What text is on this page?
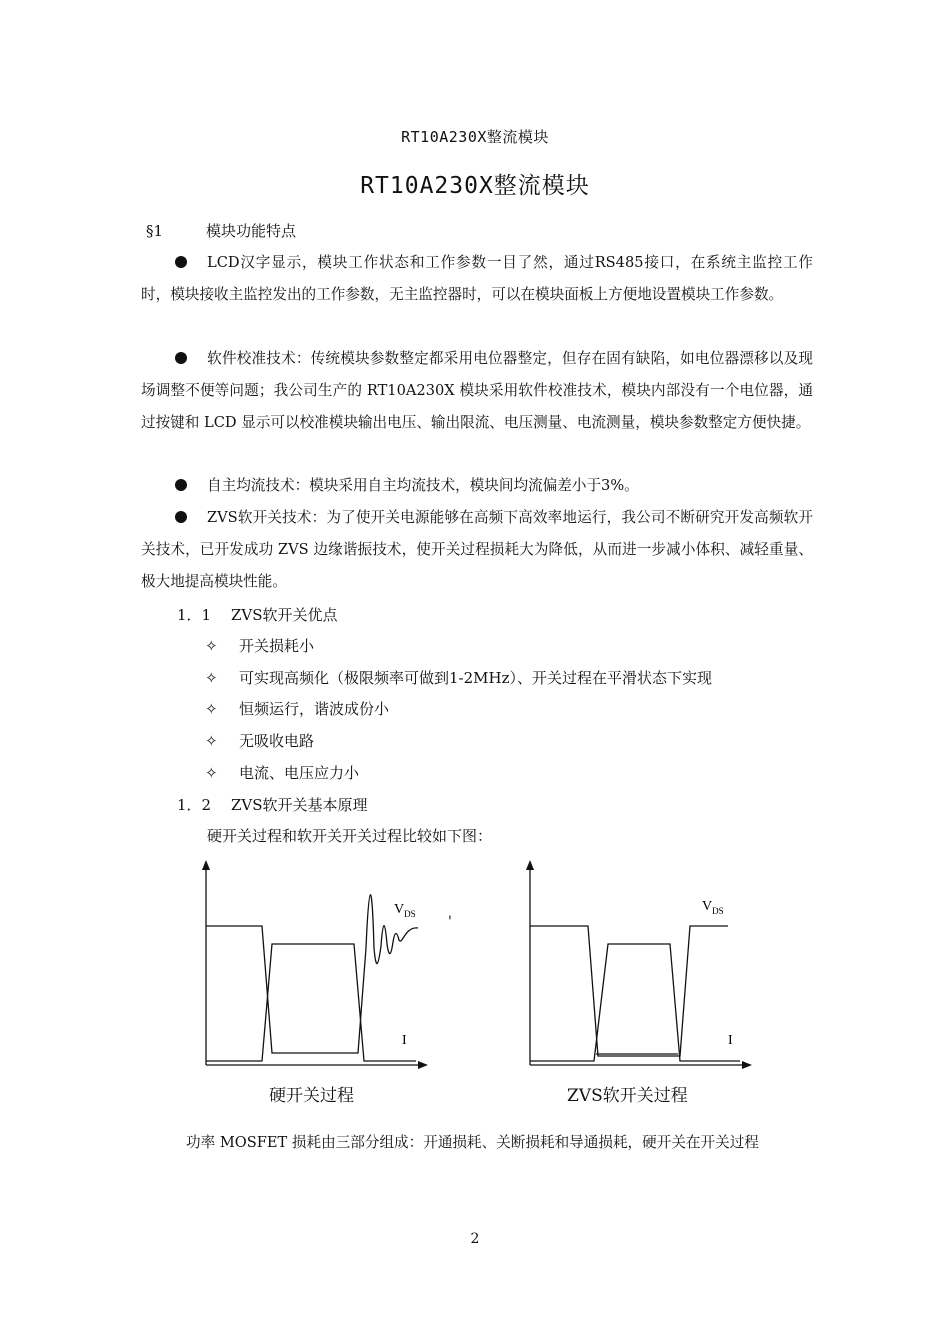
RT10A230X整流模块
RT10A230X整流模块
§1	模块功能特点
LCD汉字显示，模块工作状态和工作参数一目了然，通过RS485接口，在系统主监控工作时，模块接收主监控发出的工作参数，无主监控器时，可以在模块面板上方便地设置模块工作参数。
软件校准技术：传统模块参数整定都采用电位器整定，但存在固有缺陷，如电位器漂移以及现场调整不便等问题；我公司生产的 RT10A230X 模块采用软件校准技术，模块内部没有一个电位器，通过按键和 LCD 显示可以校准模块输出电压、输出限流、电压测量、电流测量，模块参数整定方便快捷。
自主均流技术：模块采用自主均流技术，模块间均流偏差小于3%。
ZVS软开关技术：为了使开关电源能够在高频下高效率地运行，我公司不断研究开发高频软开关技术，已开发成功 ZVS 边缘谐振技术，使开关过程损耗大为降低，从而进一步减小体积、减轻重量、极大地提高模块性能。
1．1 ZVS软开关优点
✧ 开关损耗小
✧ 可实现高频化（极限频率可做到1-2MHz）、开关过程在平滑状态下实现
✧ 恒频运行，谐波成份小
✧ 无吸收电路
✧ 电流、电压应力小
1．2 ZVS软开关基本原理
硬开关过程和软开关开关过程比较如下图：
$V_{DS}$
I
'
$V_{DS}$
I
硬开关过程	ZVS软开关过程
功率 MOSFET 损耗由三部分组成：开通损耗、关断损耗和导通损耗，硬开关在开关过程
2
